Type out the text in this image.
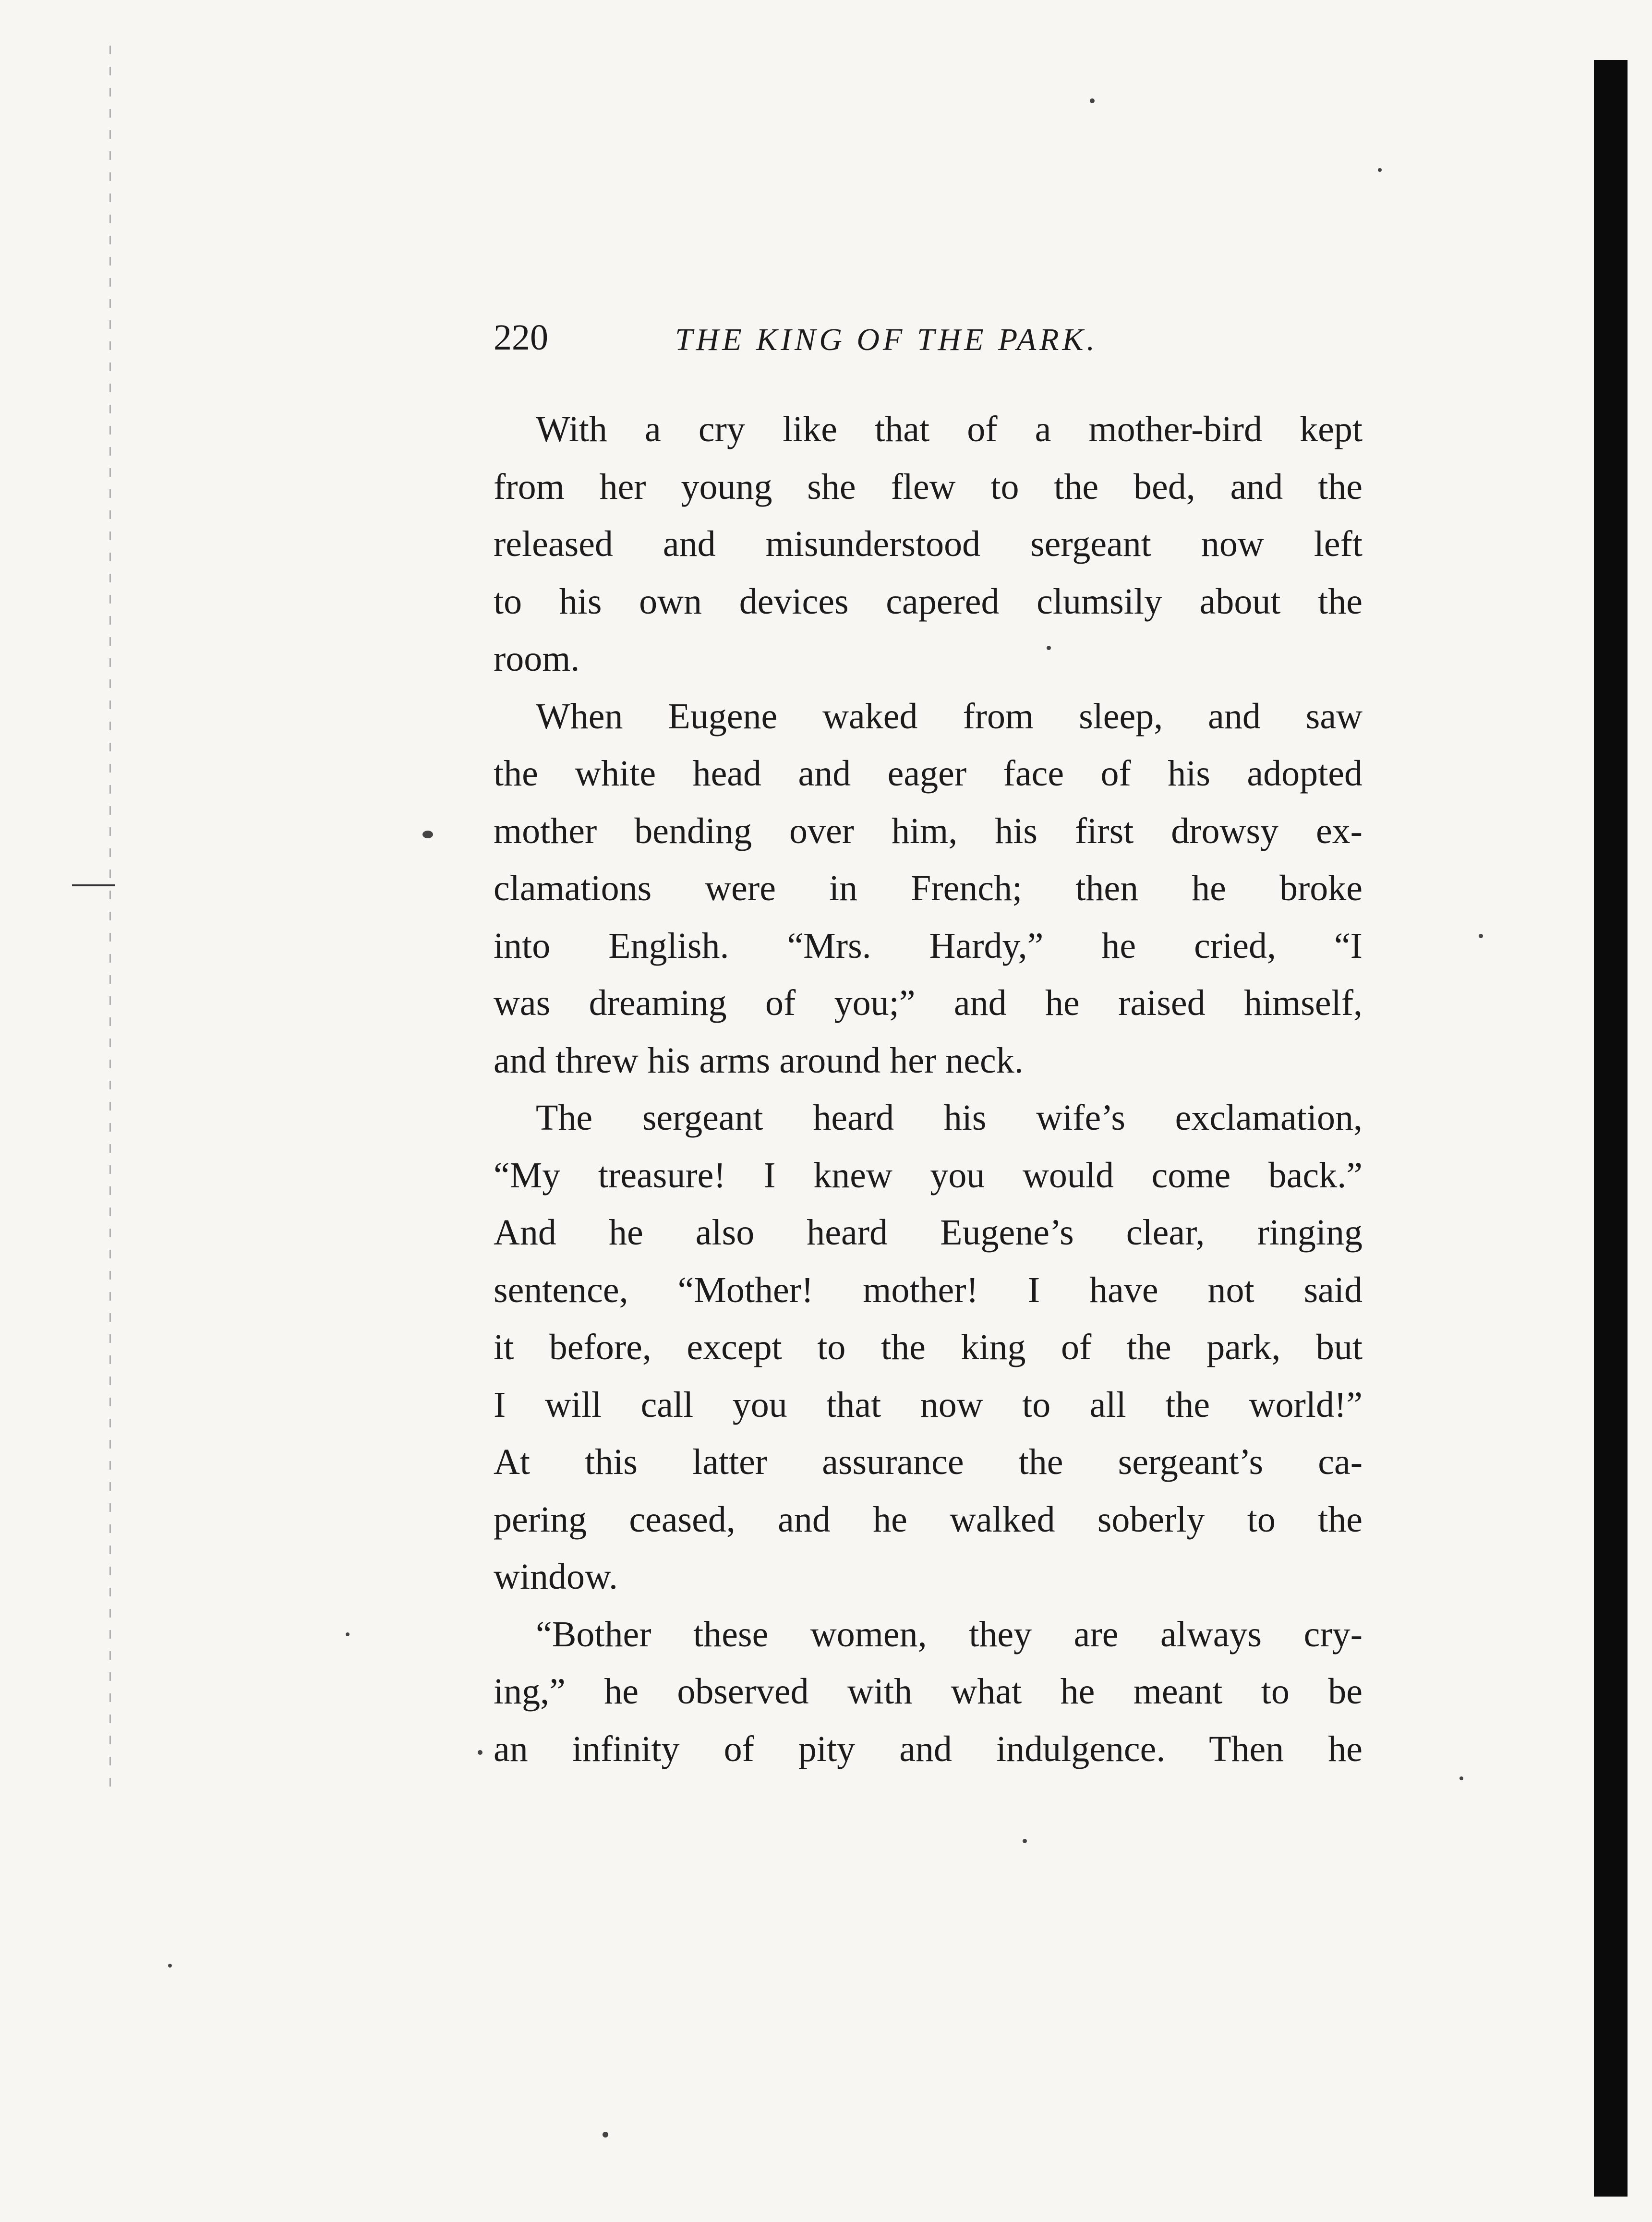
220	THE KING OF THE PARK.
With a cry like that of a mother-bird kept
from her young she flew to the bed, and the
released and misunderstood sergeant now left
to his own devices capered clumsily about the
room.
When Eugene waked from sleep, and saw
the white head and eager face of his adopted
mother bending over him, his first drowsy ex-
clamations were in French; then he broke
into English. “Mrs. Hardy,” he cried, “I
was dreaming of you;” and he raised himself,
and threw his arms around her neck.
The sergeant heard his wife’s exclamation,
“My treasure! I knew you would come back.”
And he also heard Eugene’s clear, ringing
sentence, “Mother! mother! I have not said
it before, except to the king of the park, but
I will call you that now to all the world!”
At this latter assurance the sergeant’s ca-
pering ceased, and he walked soberly to the
window.
“Bother these women, they are always cry-
ing,” he observed with what he meant to be
an infinity of pity and indulgence. Then he
